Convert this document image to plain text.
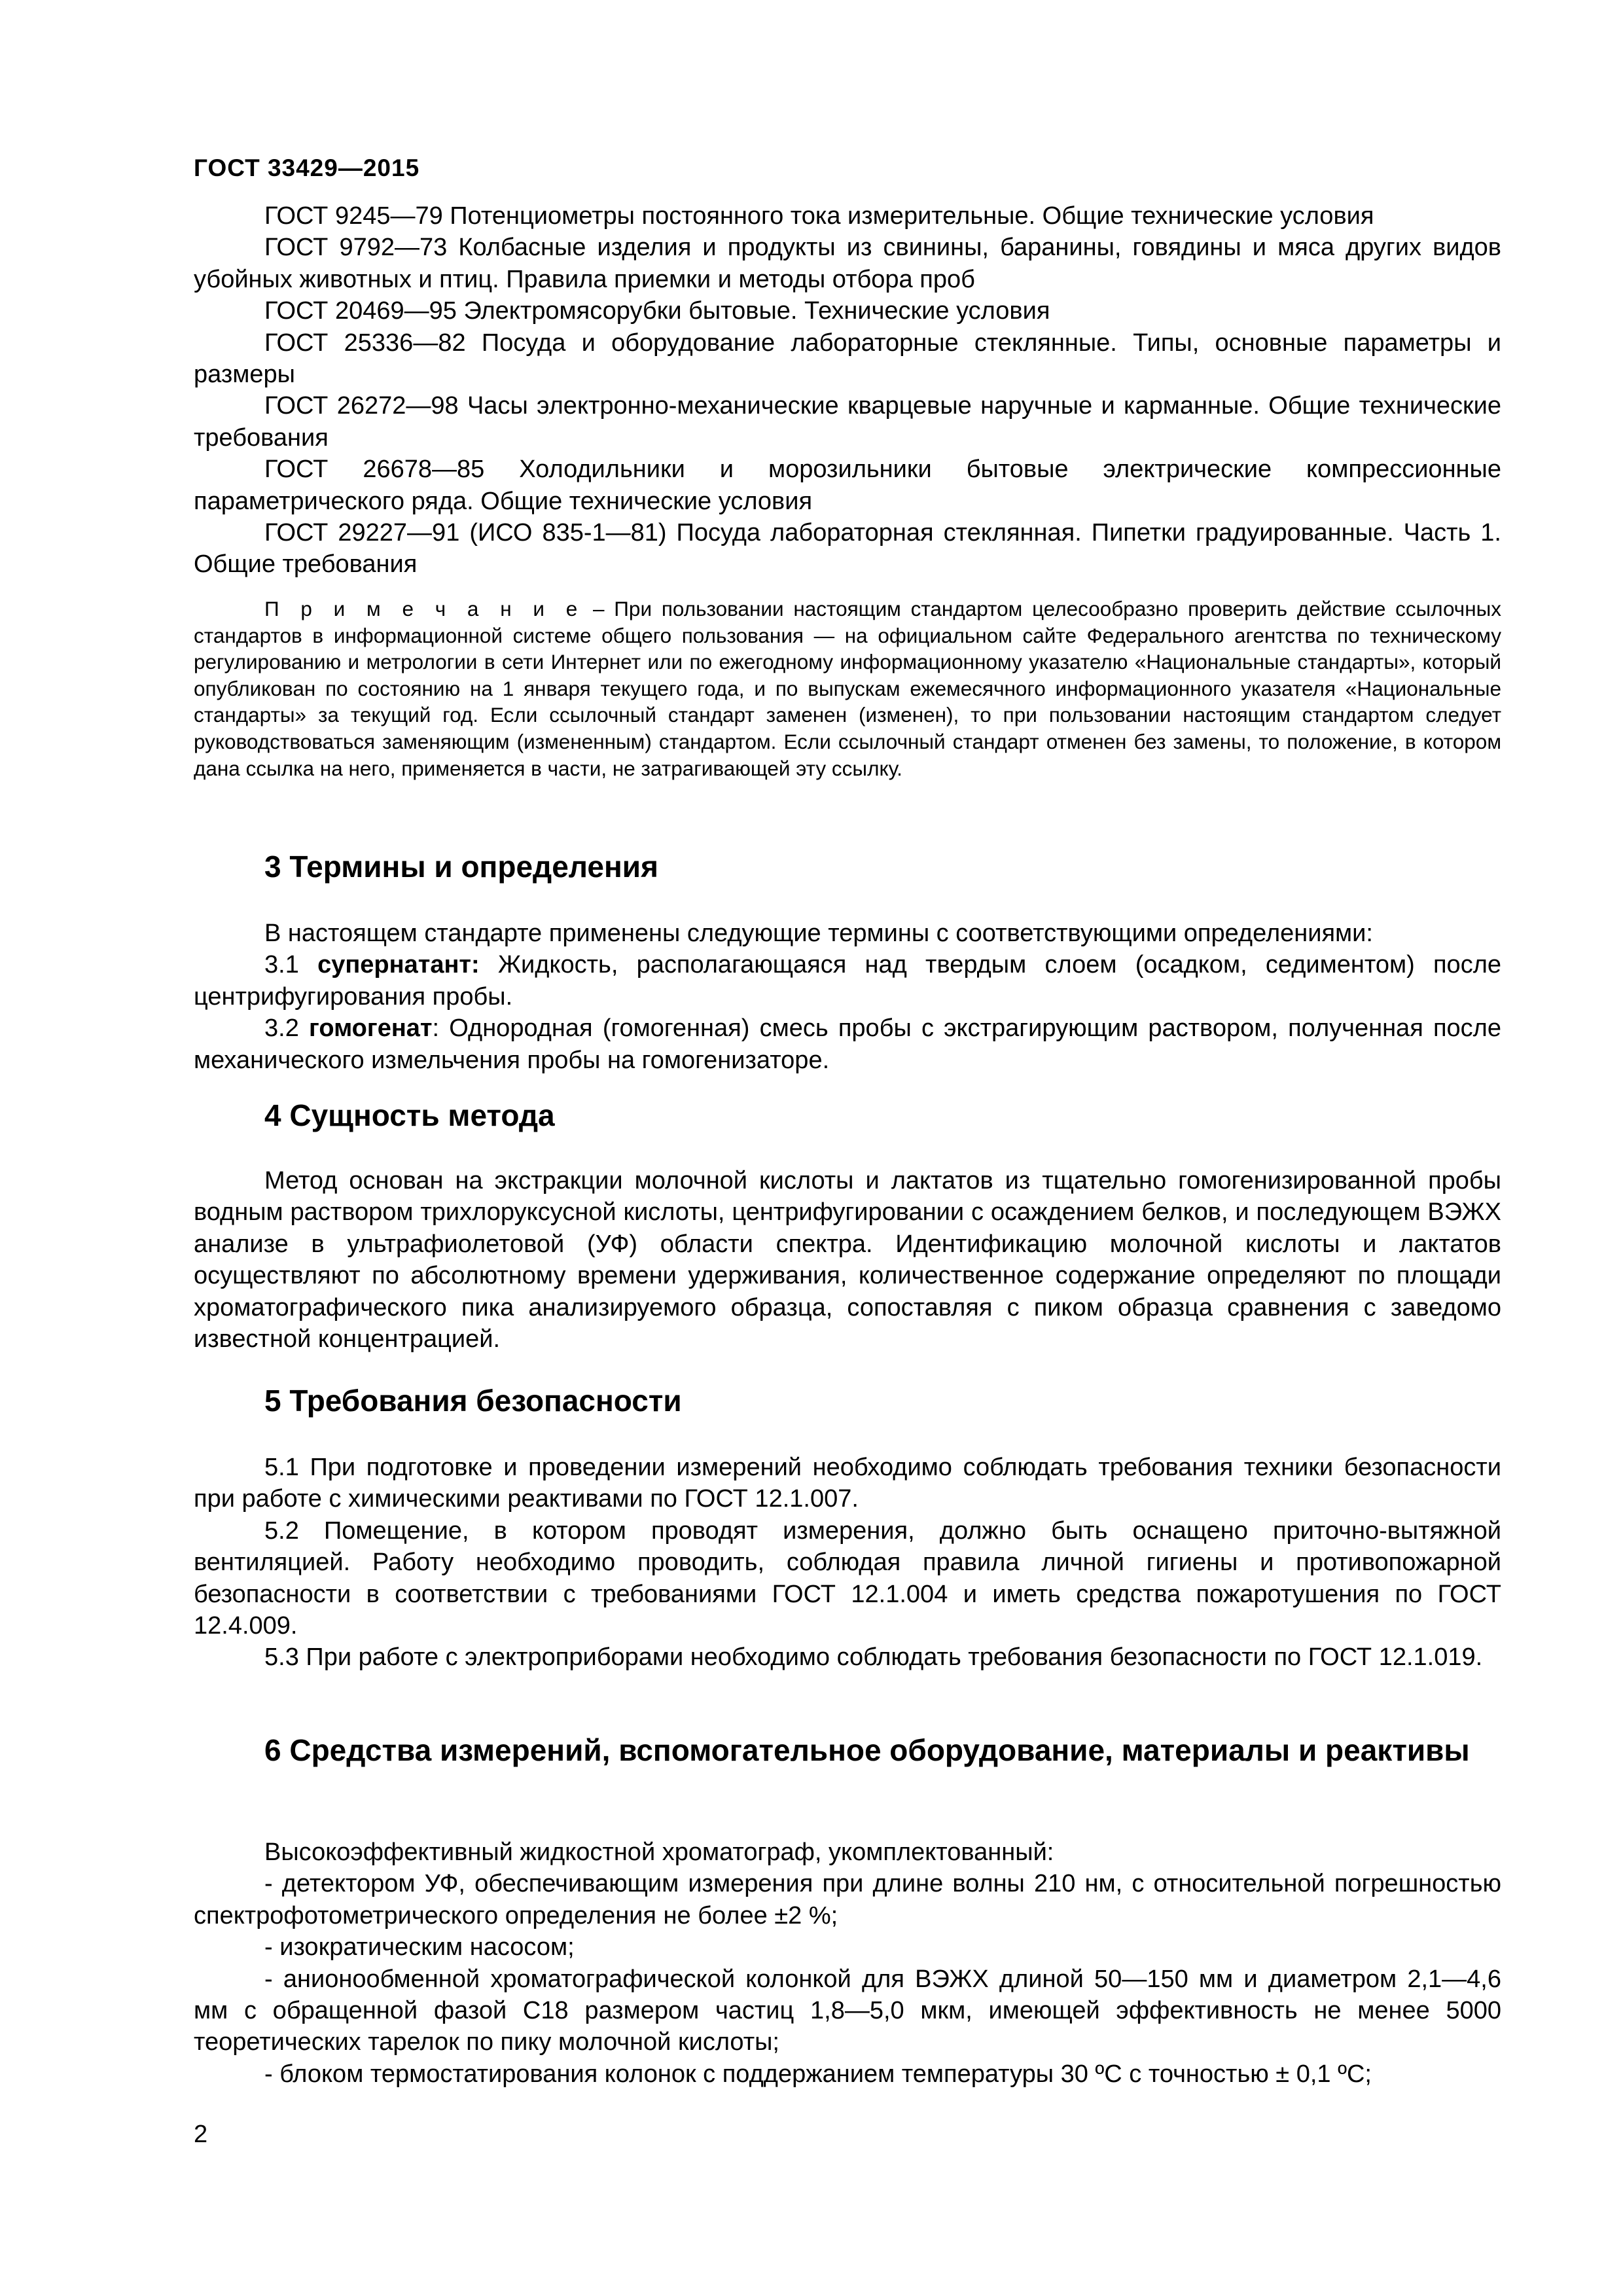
ГОСТ 33429—2015

ГОСТ 9245—79 Потенциометры постоянного тока измерительные. Общие технические условия

ГОСТ 9792—73 Колбасные изделия и продукты из свинины, баранины, говядины и мяса других видов убойных животных и птиц. Правила приемки и методы отбора проб

ГОСТ 20469—95 Электромясорубки бытовые. Технические условия

ГОСТ 25336—82 Посуда и оборудование лабораторные стеклянные. Типы, основные параметры и размеры

ГОСТ 26272—98 Часы электронно-механические кварцевые наручные и карманные. Общие технические требования

ГОСТ 26678—85 Холодильники и морозильники бытовые электрические компрессионные параметрического ряда. Общие технические условия

ГОСТ 29227—91 (ИСО 835-1—81) Посуда лабораторная стеклянная. Пипетки градуированные. Часть 1. Общие требования

П р и м е ч а н и е – При пользовании настоящим стандартом целесообразно проверить действие ссылочных стандартов в информационной системе общего пользования — на официальном сайте Федерального агентства по техническому регулированию и метрологии в сети Интернет или по ежегодному информационному указателю «Национальные стандарты», который опубликован по состоянию на 1 января текущего года, и по выпускам ежемесячного информационного указателя «Национальные стандарты» за текущий год. Если ссылочный стандарт заменен (изменен), то при пользовании настоящим стандартом следует руководствоваться заменяющим (измененным) стандартом. Если ссылочный стандарт отменен без замены, то положение, в котором дана ссылка на него, применяется в части, не затрагивающей эту ссылку.

3 Термины и определения

В настоящем стандарте применены следующие термины с соответствующими определениями:

3.1 супернатант: Жидкость, располагающаяся над твердым слоем (осадком, седиментом) после центрифугирования пробы.

3.2 гомогенат: Однородная (гомогенная) смесь пробы с экстрагирующим раствором, полученная после механического измельчения пробы на гомогенизаторе.

4 Сущность метода

Метод основан на экстракции молочной кислоты и лактатов из тщательно гомогенизированной пробы водным раствором трихлоруксусной кислоты, центрифугировании с осаждением белков, и последующем ВЭЖХ анализе в ультрафиолетовой (УФ) области спектра. Идентификацию молочной кислоты и лактатов осуществляют по абсолютному времени удерживания, количественное содержание определяют по площади хроматографического пика анализируемого образца, сопоставляя с пиком образца сравнения с заведомо известной концентрацией.

5 Требования безопасности

5.1 При подготовке и проведении измерений необходимо соблюдать требования техники безопасности при работе с химическими реактивами по ГОСТ 12.1.007.

5.2 Помещение, в котором проводят измерения, должно быть оснащено приточно-вытяжной вентиляцией. Работу необходимо проводить, соблюдая правила личной гигиены и противопожарной безопасности в соответствии с требованиями ГОСТ 12.1.004 и иметь средства пожаротушения по ГОСТ 12.4.009.

5.3 При работе с электроприборами необходимо соблюдать требования безопасности по ГОСТ 12.1.019.

6 Средства измерений, вспомогательное оборудование, материалы и реактивы

Высокоэффективный жидкостной хроматограф, укомплектованный:

- детектором УФ, обеспечивающим измерения при длине волны 210 нм, с относительной погрешностью спектрофотометрического определения не более ±2 %;

- изократическим насосом;

- анионообменной хроматографической колонкой для ВЭЖХ длиной 50—150 мм и диаметром 2,1—4,6 мм с обращенной фазой С18 размером частиц 1,8—5,0 мкм, имеющей эффективность не менее 5000 теоретических тарелок по пику молочной кислоты;

- блоком термостатирования колонок с поддержанием температуры 30 ºС с точностью ± 0,1 ºС;

2
